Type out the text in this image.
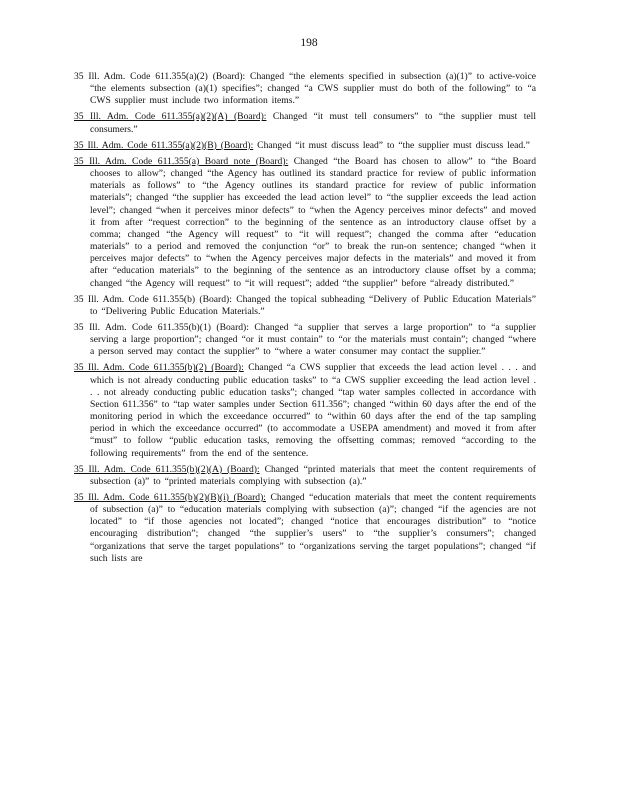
198

35 Ill. Adm. Code 611.355(a)(2) (Board): Changed “the elements specified in subsection (a)(1)” to active-voice “the elements subsection (a)(1) specifies”; changed “a CWS supplier must do both of the following” to “a CWS supplier must include two information items.”

35 Ill. Adm. Code 611.355(a)(2)(A) (Board): Changed “it must tell consumers” to “the supplier must tell consumers.”

35 Ill. Adm. Code 611.355(a)(2)(B) (Board): Changed “it must discuss lead” to “the supplier must discuss lead.”

35 Ill. Adm. Code 611.355(a) Board note (Board): Changed “the Board has chosen to allow” to “the Board chooses to allow”; changed “the Agency has outlined its standard practice for review of public information materials as follows” to “the Agency outlines its standard practice for review of public information materials”; changed “the supplier has exceeded the lead action level” to “the supplier exceeds the lead action level”; changed “when it perceives minor defects” to “when the Agency perceives minor defects” and moved it from after “request correction” to the beginning of the sentence as an introductory clause offset by a comma; changed “the Agency will request” to “it will request”; changed the comma after “education materials” to a period and removed the conjunction “or” to break the run-on sentence; changed “when it perceives major defects” to “when the Agency perceives major defects in the materials” and moved it from after “education materials” to the beginning of the sentence as an introductory clause offset by a comma; changed “the Agency will request” to “it will request”; added “the supplier” before “already distributed.”

35 Ill. Adm. Code 611.355(b) (Board): Changed the topical subheading “Delivery of Public Education Materials” to “Delivering Public Education Materials.”

35 Ill. Adm. Code 611.355(b)(1) (Board): Changed “a supplier that serves a large proportion” to “a supplier serving a large proportion”; changed “or it must contain” to “or the materials must contain”; changed “where a person served may contact the supplier” to “where a water consumer may contact the supplier.”

35 Ill. Adm. Code 611.355(b)(2) (Board): Changed “a CWS supplier that exceeds the lead action level . . . and which is not already conducting public education tasks” to “a CWS supplier exceeding the lead action level . . . not already conducting public education tasks”; changed “tap water samples collected in accordance with Section 611.356” to “tap water samples under Section 611.356”; changed “within 60 days after the end of the monitoring period in which the exceedance occurred” to “within 60 days after the end of the tap sampling period in which the exceedance occurred” (to accommodate a USEPA amendment) and moved it from after “must” to follow “public education tasks, removing the offsetting commas; removed “according to the following requirements” from the end of the sentence.

35 Ill. Adm. Code 611.355(b)(2)(A) (Board): Changed “printed materials that meet the content requirements of subsection (a)” to “printed materials complying with subsection (a).”

35 Ill. Adm. Code 611.355(b)(2)(B)(i) (Board): Changed “education materials that meet the content requirements of subsection (a)” to “education materials complying with subsection (a)”; changed “if the agencies are not located” to “if those agencies not located”; changed “notice that encourages distribution” to “notice encouraging distribution”; changed “the supplier’s users” to “the supplier’s consumers”; changed “organizations that serve the target populations” to “organizations serving the target populations”; changed “if such lists are
